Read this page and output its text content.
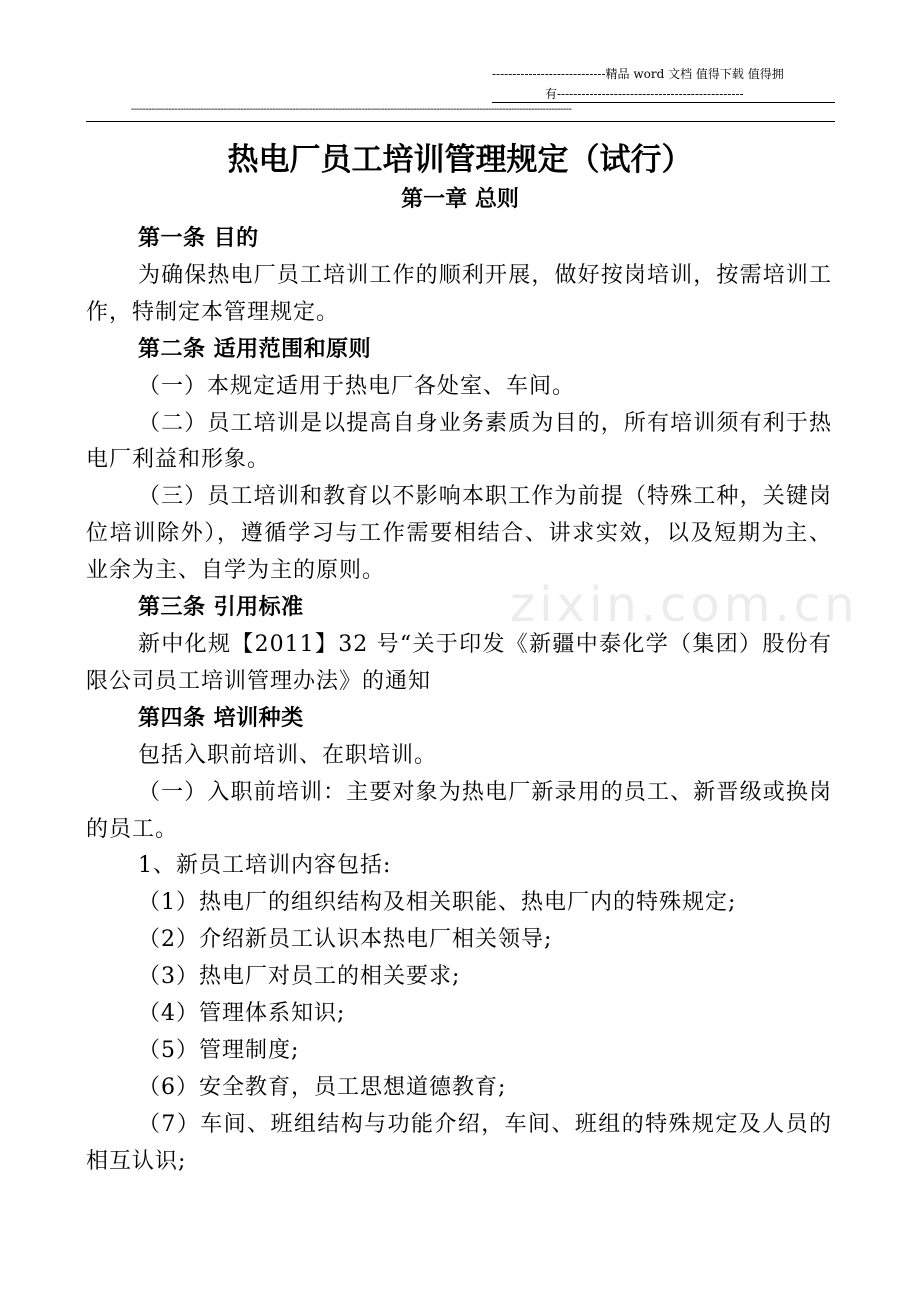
----------------------------精品 word 文档 值得下载 值得拥
有----------------------------------------------
---------------------------------------------------------------------------------------------------------------------------------------------------------
zixin.com.cn
热电厂员工培训管理规定（试行）
第一章 总则

第一条 目的

为确保热电厂员工培训工作的顺利开展，做好按岗培训，按需培训工作，特制定本管理规定。

第二条 适用范围和原则

（一）本规定适用于热电厂各处室、车间。

（二）员工培训是以提高自身业务素质为目的，所有培训须有利于热电厂利益和形象。

（三）员工培训和教育以不影响本职工作为前提（特殊工种，关键岗位培训除外），遵循学习与工作需要相结合、讲求实效，以及短期为主、业余为主、自学为主的原则。

第三条 引用标准

新中化规【2011】32 号“关于印发《新疆中泰化学（集团）股份有限公司员工培训管理办法》的通知

第四条 培训种类

包括入职前培训、在职培训。

（一）入职前培训：主要对象为热电厂新录用的员工、新晋级或换岗的员工。

1、新员工培训内容包括:

（1）热电厂的组织结构及相关职能、热电厂内的特殊规定;

（2）介绍新员工认识本热电厂相关领导;

（3）热电厂对员工的相关要求;

（4）管理体系知识;

（5）管理制度;

（6）安全教育，员工思想道德教育;

（7）车间、班组结构与功能介绍，车间、班组的特殊规定及人员的相互认识;
